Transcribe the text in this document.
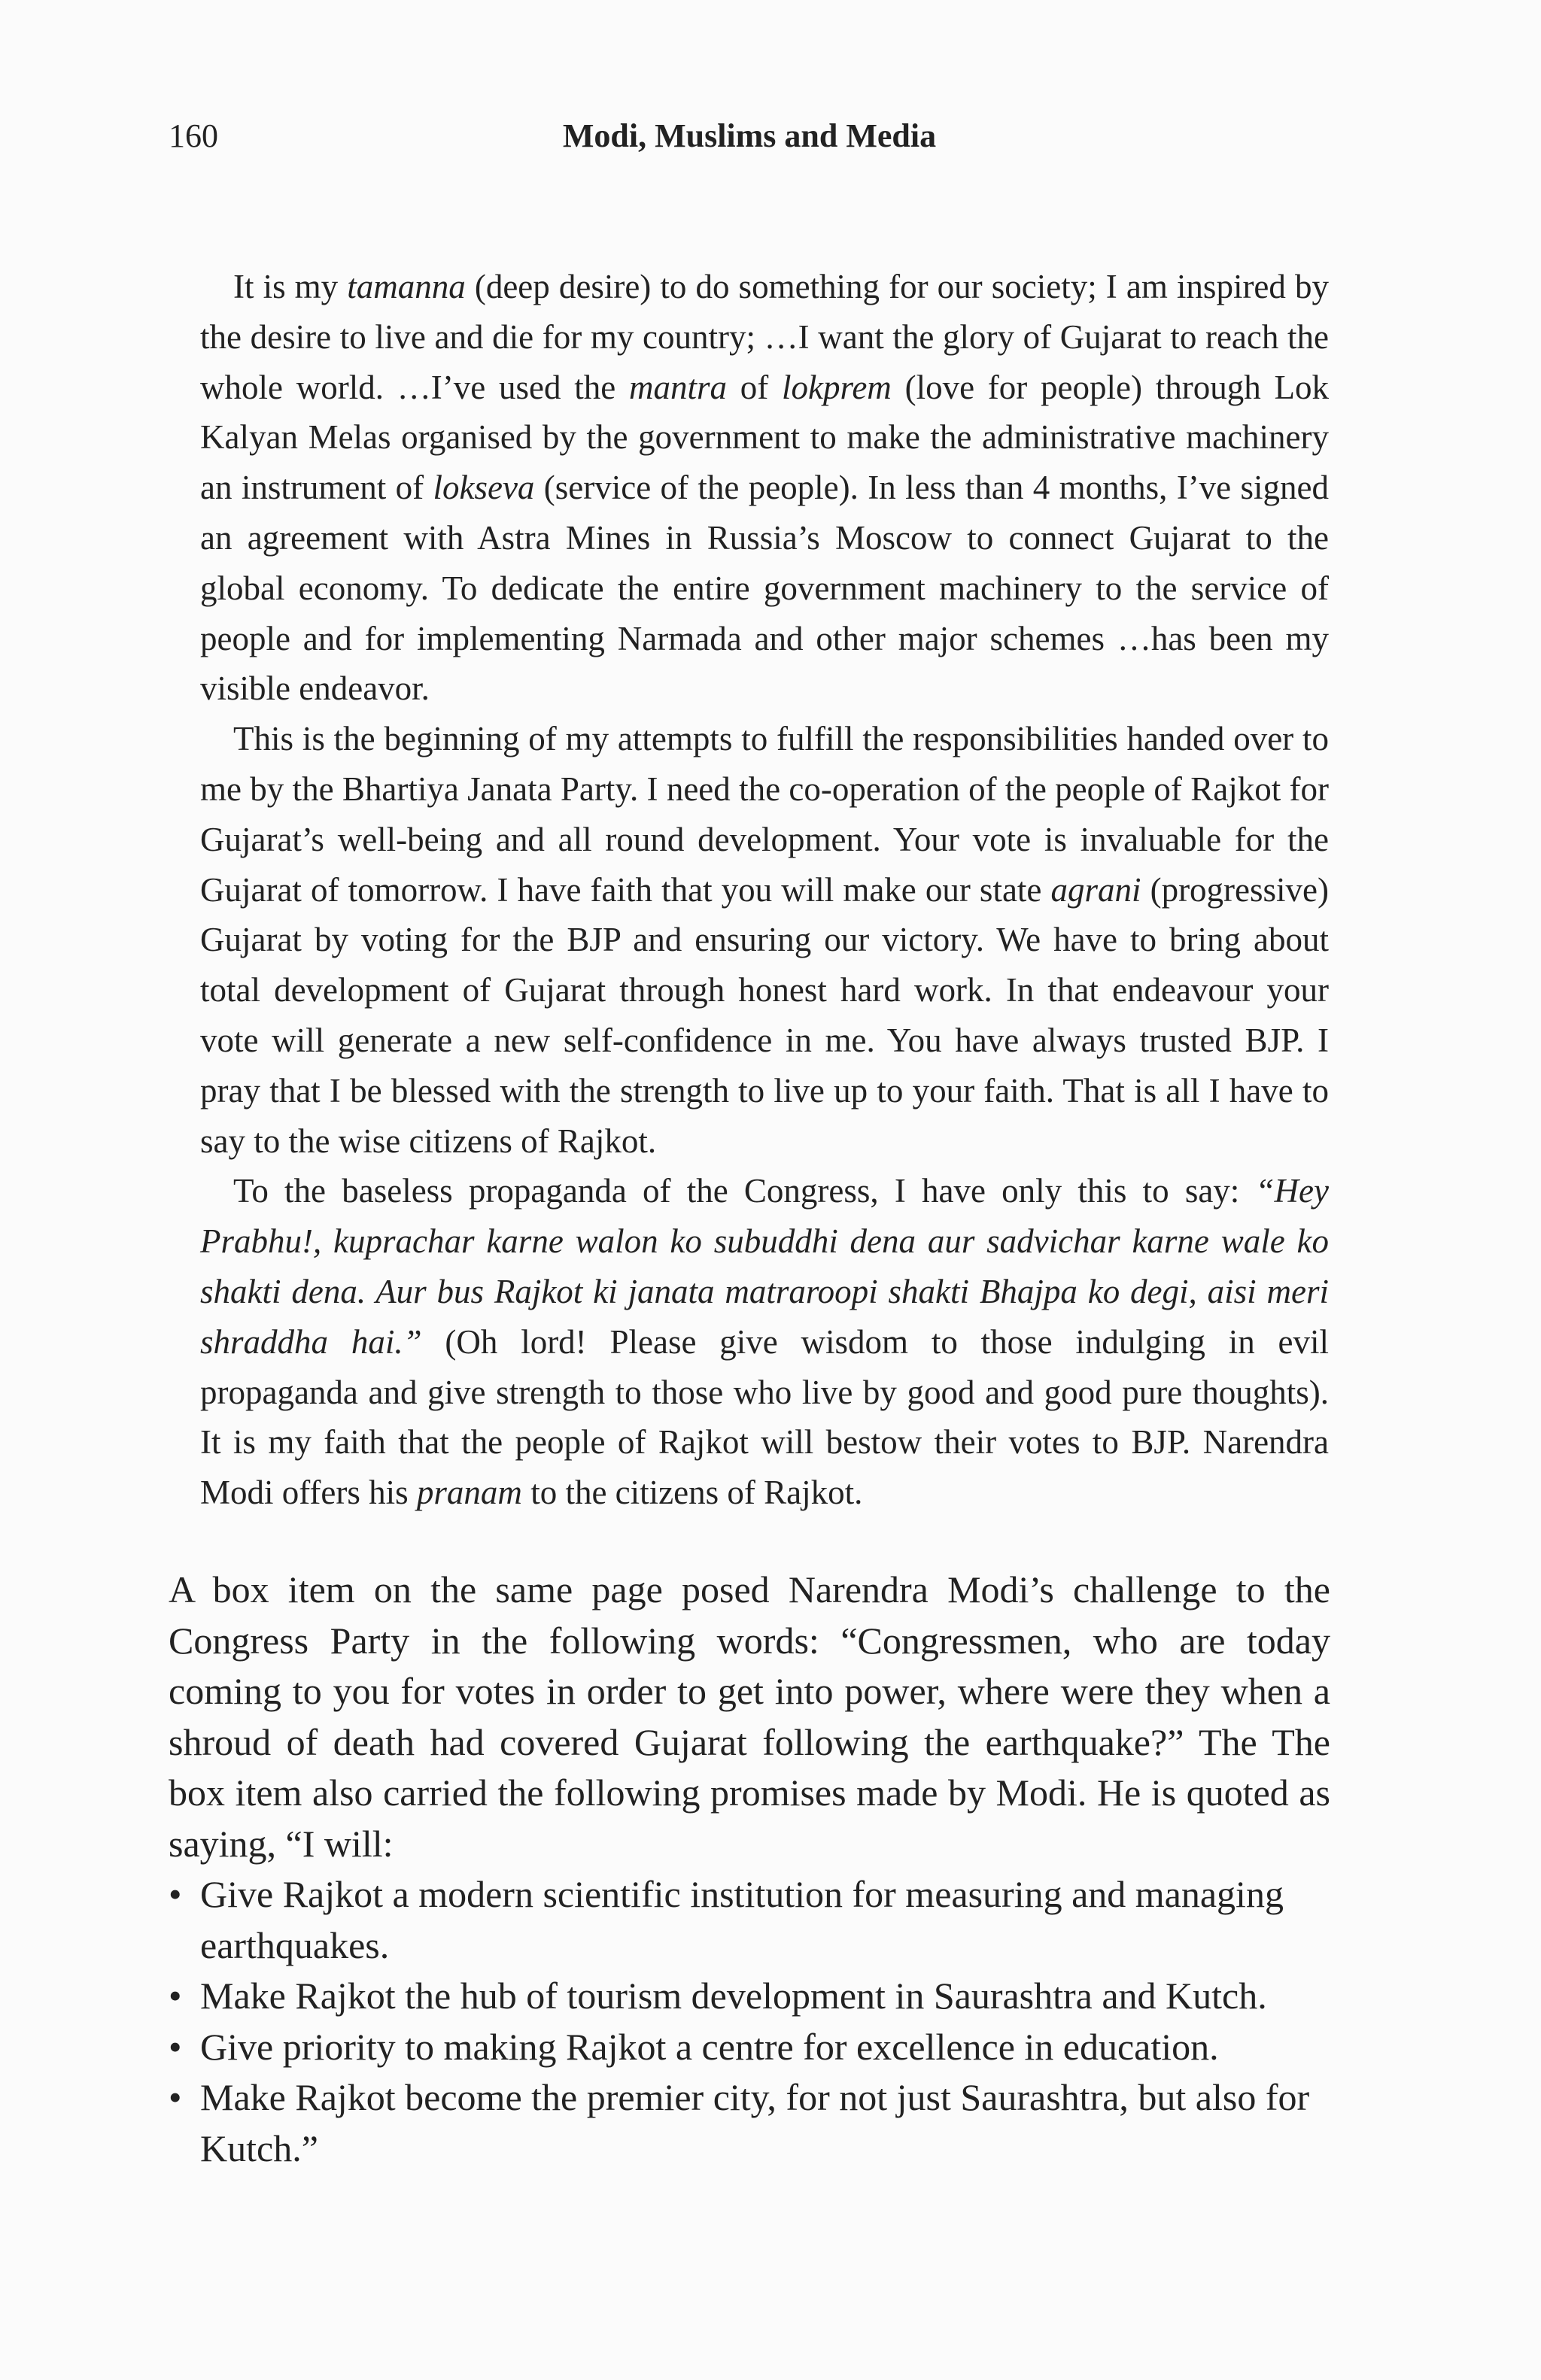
160	Modi, Muslims and Media

It is my tamanna (deep desire) to do something for our society; I am inspired by the desire to live and die for my country; …I want the glory of Gujarat to reach the whole world. …I’ve used the mantra of lokprem (love for people) through Lok Kalyan Melas organised by the government to make the administrative machinery an instrument of lokseva (service of the people). In less than 4 months, I’ve signed an agreement with Astra Mines in Russia’s Moscow to connect Gujarat to the global economy. To dedicate the entire government machinery to the service of people and for implementing Narmada and other major schemes …has been my visible endeavor.

This is the beginning of my attempts to fulfill the responsibilities handed over to me by the Bhartiya Janata Party. I need the co-operation of the people of Rajkot for Gujarat’s well-being and all round development. Your vote is invaluable for the Gujarat of tomorrow. I have faith that you will make our state agrani (progressive) Gujarat by voting for the BJP and ensuring our victory. We have to bring about total development of Gujarat through honest hard work. In that endeavour your vote will generate a new self-confidence in me. You have always trusted BJP. I pray that I be blessed with the strength to live up to your faith. That is all I have to say to the wise citizens of Rajkot.

To the baseless propaganda of the Congress, I have only this to say: “Hey Prabhu!, kuprachar karne walon ko subuddhi dena aur sadvichar karne wale ko shakti dena. Aur bus Rajkot ki janata matraroopi shakti Bhajpa ko degi, aisi meri shraddha hai.” (Oh lord! Please give wisdom to those indulging in evil propaganda and give strength to those who live by good and good pure thoughts). It is my faith that the people of Rajkot will bestow their votes to BJP. Narendra Modi offers his pranam to the citizens of Rajkot.

A box item on the same page posed Narendra Modi’s challenge to the Congress Party in the following words: “Congressmen, who are today coming to you for votes in order to get into power, where were they when a shroud of death had covered Gujarat following the earthquake?” The The box item also carried the following promises made by Modi. He is quoted as saying, “I will:

• Give Rajkot a modern scientific institution for measuring and managing earthquakes.
• Make Rajkot the hub of tourism development in Saurashtra and Kutch.
• Give priority to making Rajkot a centre for excellence in education.
• Make Rajkot become the premier city, for not just Saurashtra, but also for Kutch.”
